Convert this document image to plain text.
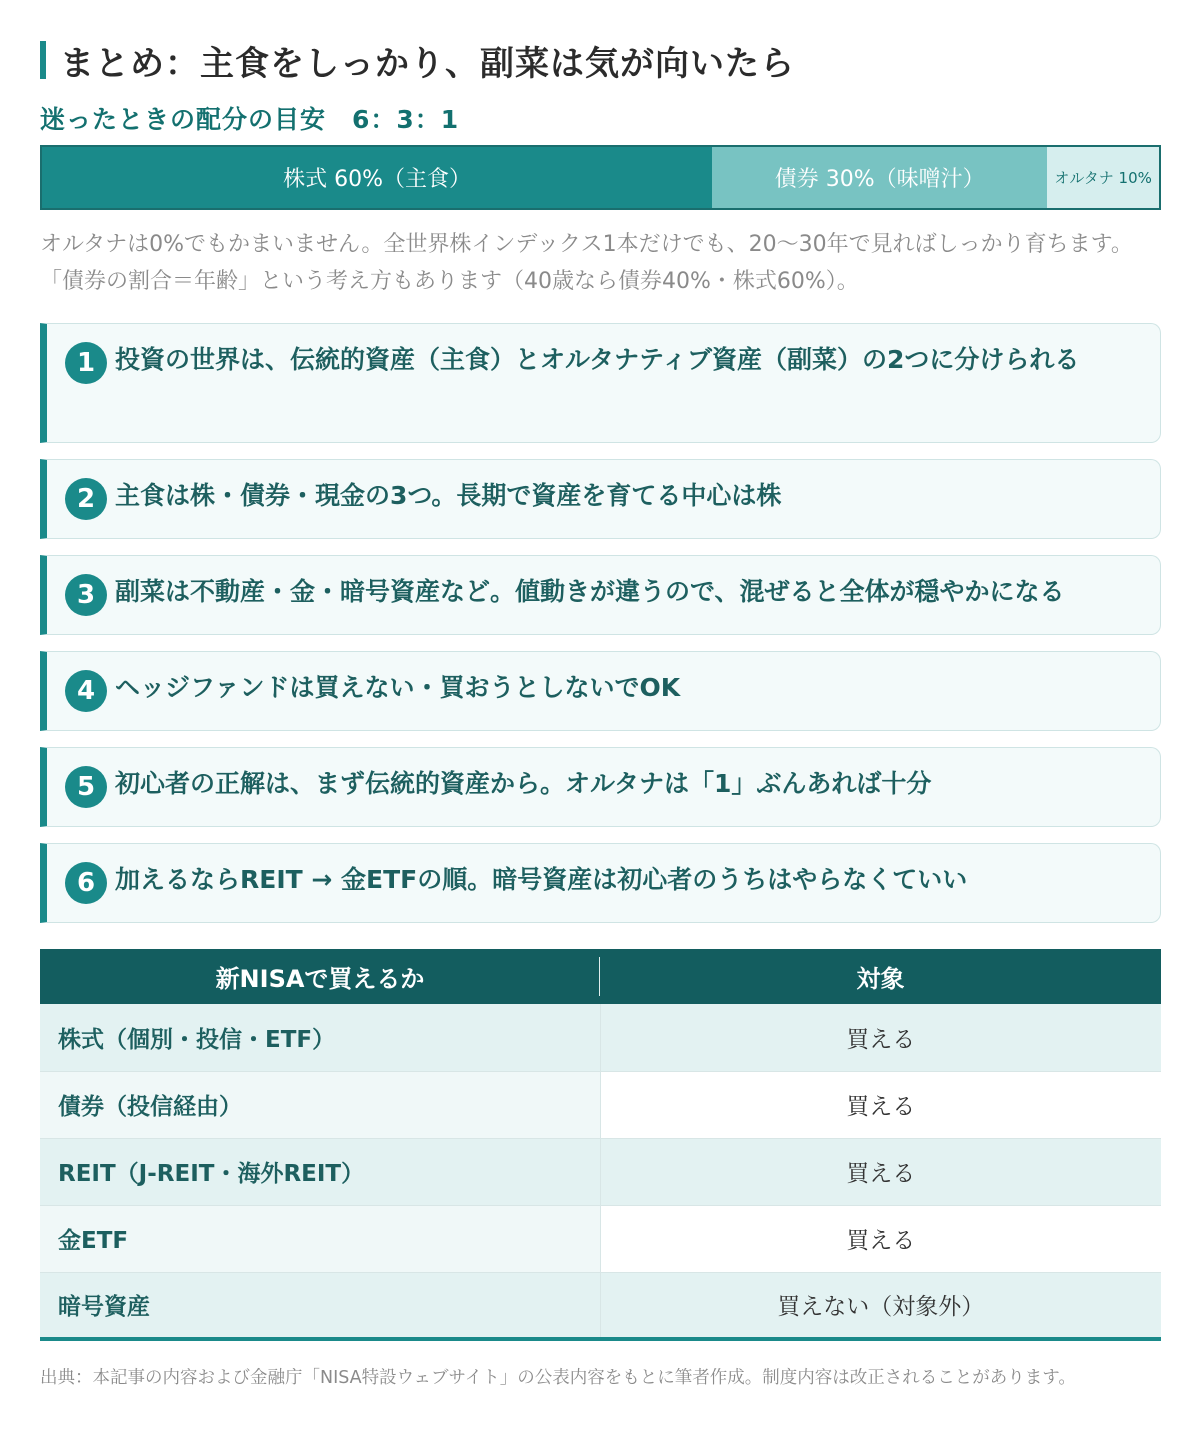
まとめ：主食をしっかり、副菜は気が向いたら
迷ったときの配分の目安　6：3：1
株式 60%（主食）	債券 30%（味噌汁）	オルタナ 10%

オルタナは0%でもかまいません。全世界株インデックス1本だけでも、20〜30年で見ればしっかり育ちます。「債券の割合＝年齢」という考え方もあります（40歳なら債券40%・株式60%）。

1 投資の世界は、伝統的資産（主食）とオルタナティブ資産（副菜）の2つに分けられる
2 主食は株・債券・現金の3つ。長期で資産を育てる中心は株
3 副菜は不動産・金・暗号資産など。値動きが違うので、混ぜると全体が穏やかになる
4 ヘッジファンドは買えない・買おうとしないでOK
5 初心者の正解は、まず伝統的資産から。オルタナは「1」ぶんあれば十分
6 加えるならREIT → 金ETFの順。暗号資産は初心者のうちはやらなくていい
新NISAで買えるか	対象
株式（個別・投信・ETF）	買える
債券（投信経由）	買える
REIT（J-REIT・海外REIT）	買える
金ETF	買える
暗号資産	買えない（対象外）

出典：本記事の内容および金融庁「NISA特設ウェブサイト」の公表内容をもとに筆者作成。制度内容は改正されることがあります。
